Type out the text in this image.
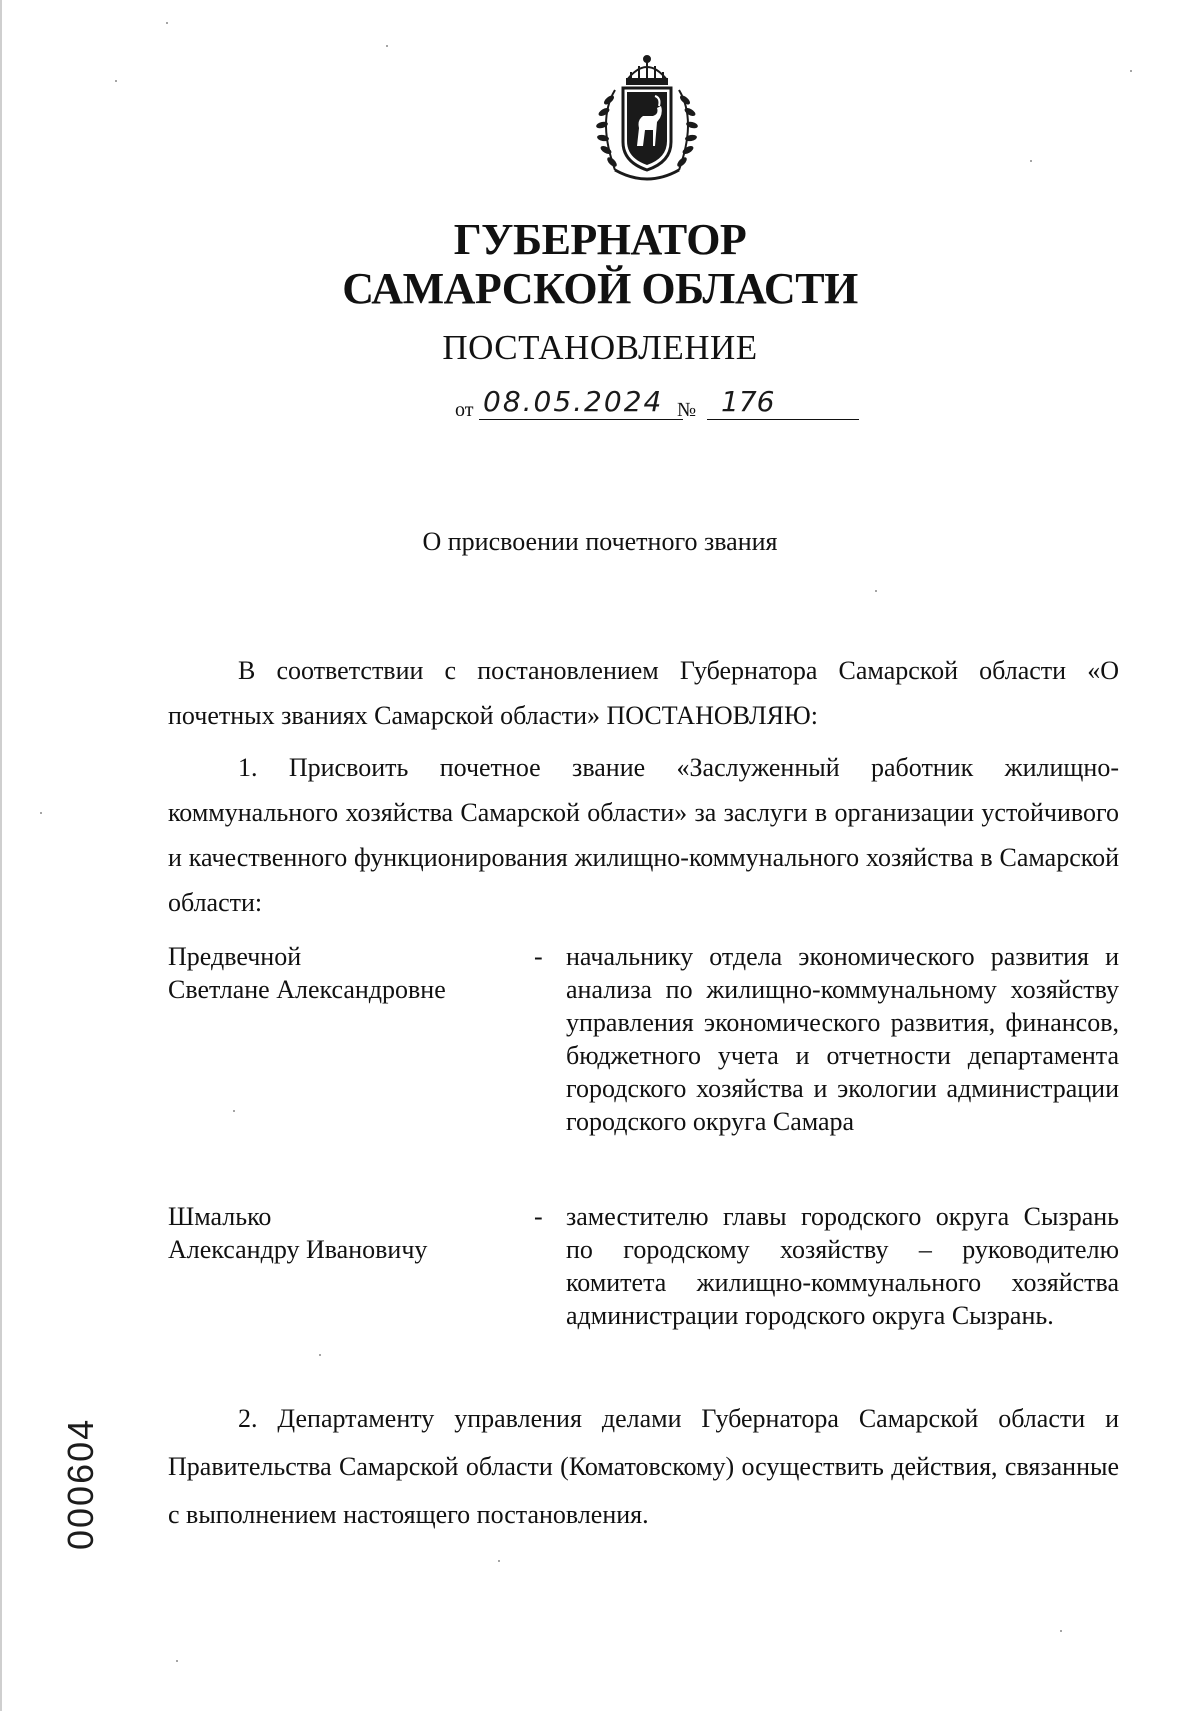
ГУБЕРНАТОР
САМАРСКОЙ ОБЛАСТИ
ПОСТАНОВЛЕНИЕ
от 08.05.2024 № 176
О присвоении почетного звания
В соответствии с постановлением Губернатора Самарской области «О почетных званиях Самарской области» ПОСТАНОВЛЯЮ:
1. Присвоить почетное звание «Заслуженный работник жилищно-коммунального хозяйства Самарской области» за заслуги в организации устойчивого и качественного функционирования жилищно-коммунального хозяйства в Самарской области:
Предвечной
Светлане Александровне
- начальнику отдела экономического развития и анализа по жилищно-коммунальному хозяйству управления экономического развития, финансов, бюджетного учета и отчетности департамента городского хозяйства и экологии администрации городского округа Самара
Шмалько
Александру Ивановичу
- заместителю главы городского округа Сызрань по городскому хозяйству – руководителю комитета жилищно-коммунального хозяйства администрации городского округа Сызрань.
2. Департаменту управления делами Губернатора Самарской области и Правительства Самарской области (Коматовскому) осуществить действия, связанные с выполнением настоящего постановления.
000604
